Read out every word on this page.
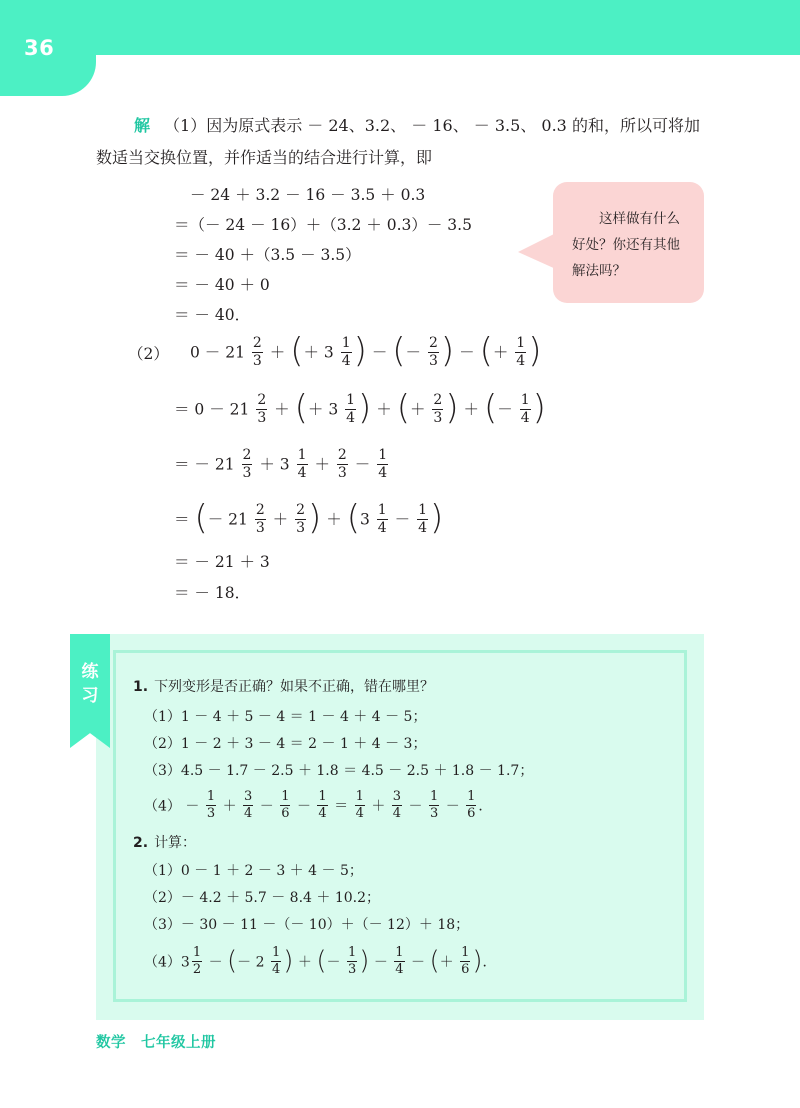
36
解 （1）因为原式表示 － 24、3.2、 － 16、 － 3.5、 0.3 的和，所以可将加
数适当交换位置，并作适当的结合进行计算，即
－ 24 ＋ 3.2 － 16 － 3.5 ＋ 0.3
＝（－ 24 － 16）＋（3.2 ＋ 0.3）－ 3.5
＝ － 40 ＋（3.5 － 3.5）
＝ － 40 ＋ 0
＝ － 40．
这样做有什么
好处？你还有其他
解法吗？
（2） $0 - 21 \frac{2}{3}$ ＋ (＋ $3 \frac{1}{4}$ ) － (－ $\frac{2}{3}$ ) － (＋ $\frac{1}{4}$ )
＝ $0 - 21 \frac{2}{3}$ ＋ (＋ $3 \frac{1}{4}$ ) ＋ (＋ $\frac{2}{3}$ ) ＋ (－ $\frac{1}{4}$ )
＝ － $21 \frac{2}{3} + 3 \frac{1}{4} + \frac{2}{3} - \frac{1}{4}$
＝ (－ $21 \frac{2}{3} + \frac{2}{3}$ ) ＋ ($3 \frac{1}{4} - \frac{1}{4}$ )
＝ － 21 ＋ 3
＝ － 18．
练
习	1. 下列变形是否正确？如果不正确，错在哪里？
（1）1 － 4 ＋ 5 － 4 ＝ 1 － 4 ＋ 4 － 5；
（2）1 － 2 ＋ 3 － 4 ＝ 2 － 1 ＋ 4 － 3；
（3）4.5 － 1.7 － 2.5 ＋ 1.8 ＝ 4.5 － 2.5 ＋ 1.8 － 1.7；
$(4) - \frac{1}{3} + \frac{3}{4} - \frac{1}{6} - \frac{1}{4} = \frac{1}{4} + \frac{3}{4} - \frac{1}{3} - \frac{1}{6}$ ．
2. 计算：
（1）0 － 1 ＋ 2 － 3 ＋ 4 － 5；
（2）－ 4.2 ＋ 5.7 － 8.4 ＋ 10.2；
（3）－ 30 － 11 －（－ 10）＋（－ 12）＋ 18；
$(4)3 \frac{1}{2}$ － (－ $2 \frac{1}{4}$ ) ＋ (－ $\frac{1}{3}$ ) － $\frac{1}{4}$ － (＋ $\frac{1}{6}$ )．
数学　七年级上册
